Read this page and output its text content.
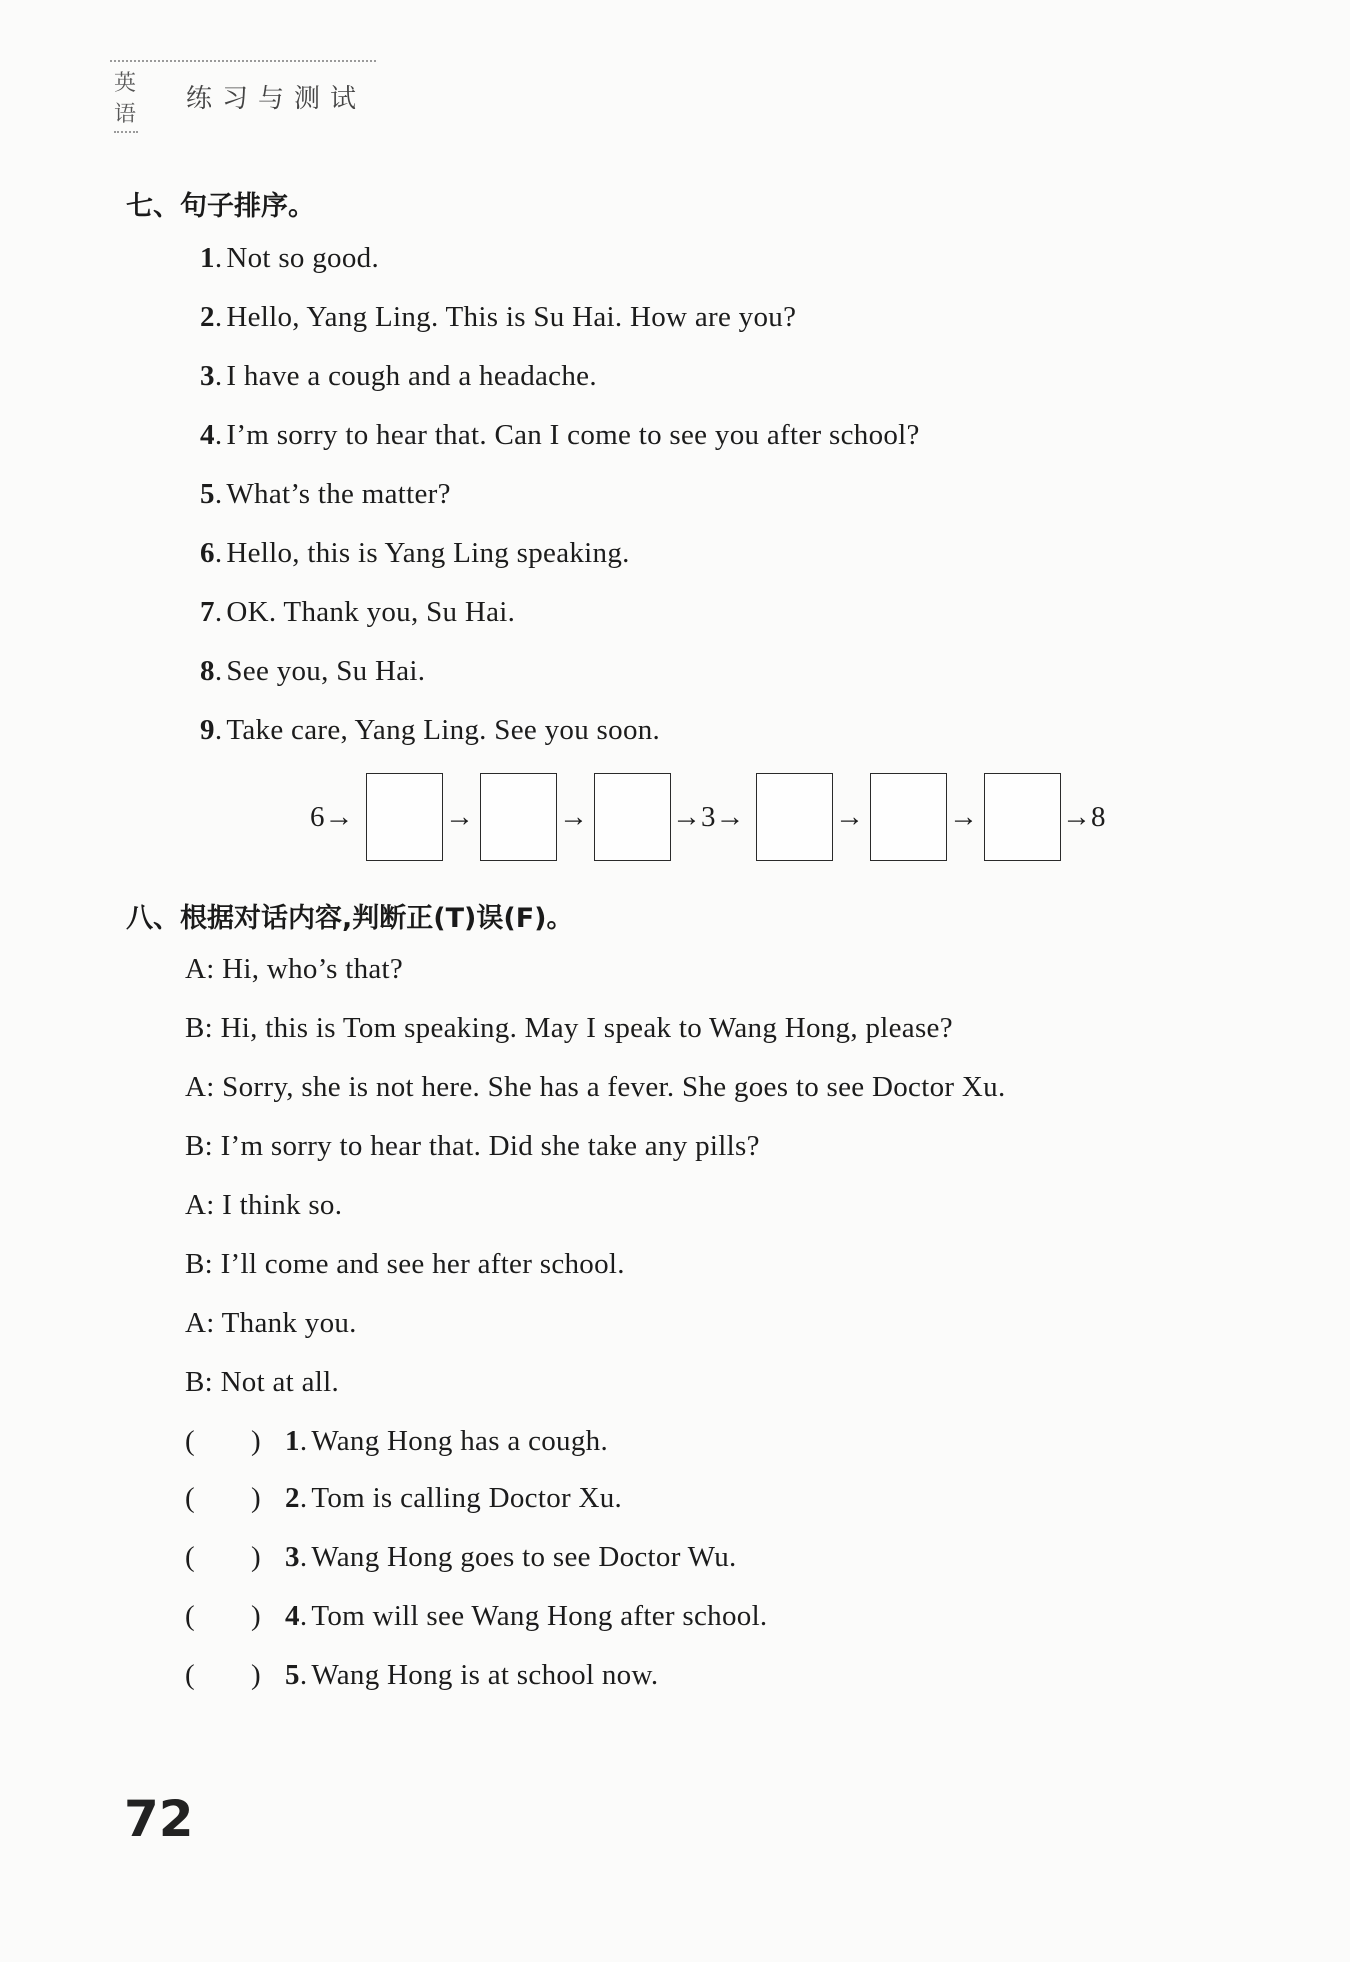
英语
练习与测试
七、句子排序。
1. Not so good.
2. Hello, Yang Ling. This is Su Hai. How are you?
3. I have a cough and a headache.
4. I’m sorry to hear that. Can I come to see you after school?
5. What’s the matter?
6. Hello, this is Yang Ling speaking.
7. OK. Thank you, Su Hai.
8. See you, Su Hai.
9. Take care, Yang Ling. See you soon.
6→	→	→	→3→	→	→	→8
八、根据对话内容,判断正(T)误(F)。
A: Hi, who’s that?
B: Hi, this is Tom speaking. May I speak to Wang Hong, please?
A: Sorry, she is not here. She has a fever. She goes to see Doctor Xu.
B: I’m sorry to hear that. Did she take any pills?
A: I think so.
B: I’ll come and see her after school.
A: Thank you.
B: Not at all.
( ) 1. Wang Hong has a cough.
( ) 2. Tom is calling Doctor Xu.
( ) 3. Wang Hong goes to see Doctor Wu.
( ) 4. Tom will see Wang Hong after school.
( ) 5. Wang Hong is at school now.
72
